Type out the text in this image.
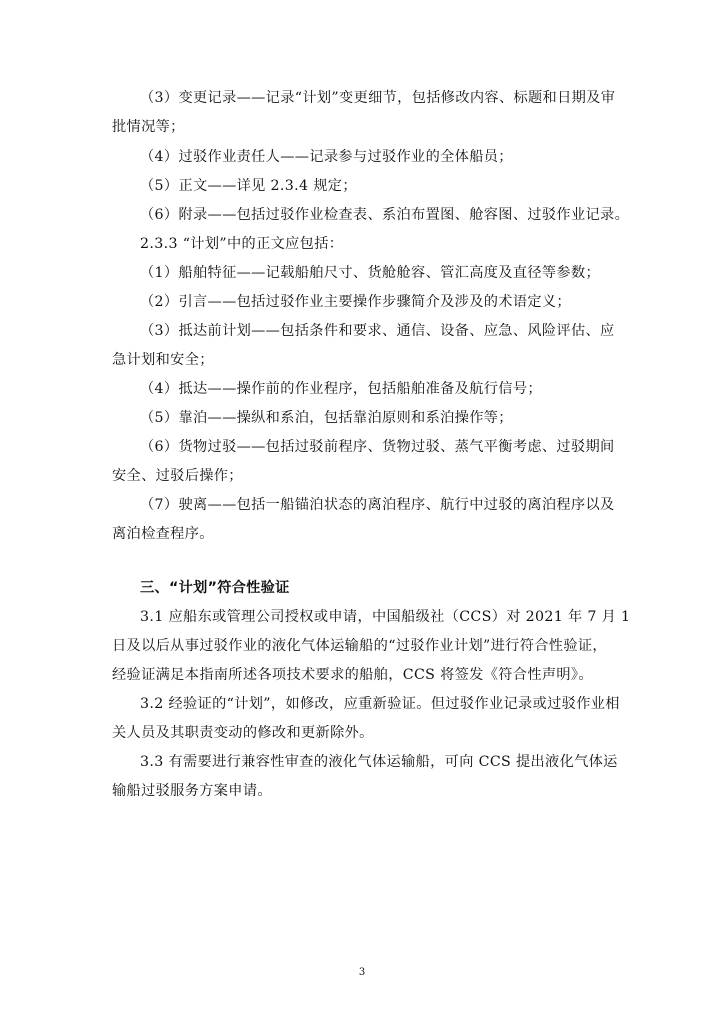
（3）变更记录——记录“计划”变更细节，包括修改内容、标题和日期及审
批情况等；
（4）过驳作业责任人——记录参与过驳作业的全体船员；
（5）正文——详见 2.3.4 规定；
（6）附录——包括过驳作业检查表、系泊布置图、舱容图、过驳作业记录。
2.3.3 “计划”中的正文应包括：
（1）船舶特征——记载船舶尺寸、货舱舱容、管汇高度及直径等参数；
（2）引言——包括过驳作业主要操作步骤简介及涉及的术语定义；
（3）抵达前计划——包括条件和要求、通信、设备、应急、风险评估、应
急计划和安全；
（4）抵达——操作前的作业程序，包括船舶准备及航行信号；
（5）靠泊——操纵和系泊，包括靠泊原则和系泊操作等；
（6）货物过驳——包括过驳前程序、货物过驳、蒸气平衡考虑、过驳期间
安全、过驳后操作；
（7）驶离——包括一船锚泊状态的离泊程序、航行中过驳的离泊程序以及
离泊检查程序。
三、“计划”符合性验证
3.1 应船东或管理公司授权或申请，中国船级社（CCS）对 2021 年 7 月 1
日及以后从事过驳作业的液化气体运输船的“过驳作业计划”进行符合性验证，
经验证满足本指南所述各项技术要求的船舶，CCS 将签发《符合性声明》。
3.2 经验证的“计划”，如修改，应重新验证。但过驳作业记录或过驳作业相
关人员及其职责变动的修改和更新除外。
3.3 有需要进行兼容性审查的液化气体运输船，可向 CCS 提出液化气体运
输船过驳服务方案申请。
3
